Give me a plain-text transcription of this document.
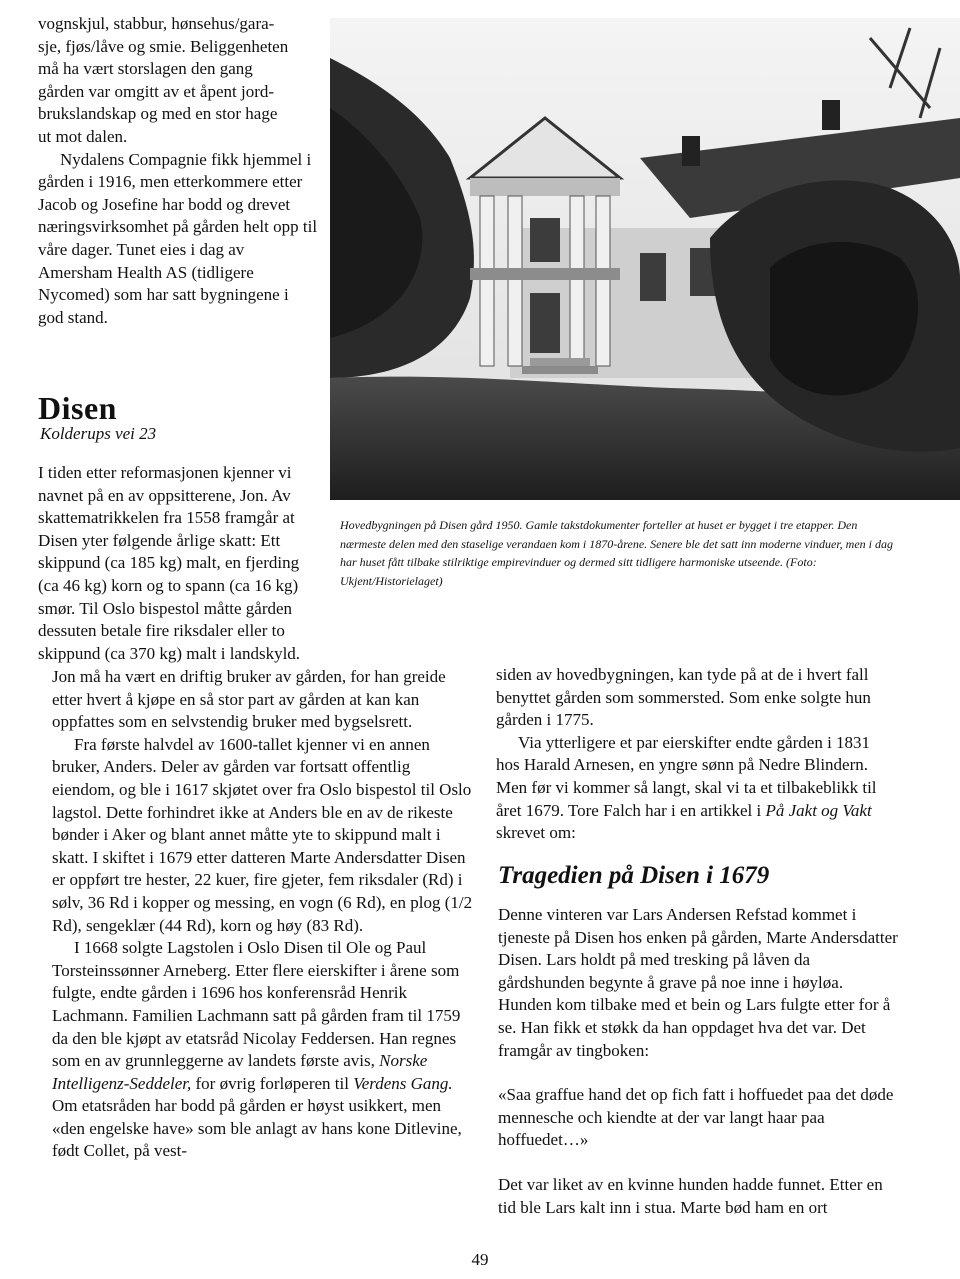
vognskjul, stabbur, hønsehus/gara-

sje, fjøs/låve og smie. Beliggenheten

må ha vært storslagen den gang

gården var omgitt av et åpent jord-

brukslandskap og med en stor hage

ut mot dalen.

Nydalens Compagnie fikk hjemmel i gården i 1916, men etterkommere etter Jacob og Josefine har bodd og drevet næringsvirksomhet på gården helt opp til våre dager. Tunet eies i dag av Amersham Health AS (tidligere Nycomed) som har satt bygningene i god stand.

Disen

Kolderups vei 23

Hovedbygningen på Disen gård 1950. Gamle takstdokumenter forteller at huset er bygget i tre etapper. Den nærmeste delen med den staselige verandaen kom i 1870-årene. Senere ble det satt inn moderne vinduer, men i dag har huset fått tilbake stilriktige empirevinduer og dermed sitt tidligere harmoniske utseende. (Foto: Ukjent/Historielaget)

I tiden etter reformasjonen kjenner vi navnet på en av oppsitterene, Jon. Av skattematrikkelen fra 1558 framgår at Disen yter følgende årlige skatt: Ett skippund (ca 185 kg) malt, en fjerding (ca 46 kg) korn og to spann (ca 16 kg) smør. Til Oslo bispestol måtte gården dessuten betale fire riksdaler eller to skippund (ca 370 kg) malt i landskyld.

Jon må ha vært en driftig bruker av gården, for han greide etter hvert å kjøpe en så stor part av gården at kan kan oppfattes som en selvstendig bruker med bygselsrett.

Fra første halvdel av 1600-tallet kjenner vi en annen bruker, Anders. Deler av gården var fortsatt offentlig eiendom, og ble i 1617 skjøtet over fra Oslo bispestol til Oslo lagstol. Dette forhindret ikke at Anders ble en av de rikeste bønder i Aker og blant annet måtte yte to skippund malt i skatt. I skiftet i 1679 etter datteren Marte Andersdatter Disen er oppført tre hester, 22 kuer, fire gjeter, fem riksdaler (Rd) i sølv, 36 Rd i kopper og messing, en vogn (6 Rd), en plog (1/2 Rd), sengeklær (44 Rd), korn og høy (83 Rd).

I 1668 solgte Lagstolen i Oslo Disen til Ole og Paul Torsteinssønner Arneberg. Etter flere eierskifter i årene som fulgte, endte gården i 1696 hos konferensråd Henrik Lachmann. Familien Lachmann satt på gården fram til 1759 da den ble kjøpt av etatsråd Nicolay Feddersen. Han regnes som en av grunnleggerne av landets første avis, Norske Intelligenz-Seddeler, for øvrig forløperen til Verdens Gang. Om etatsråden har bodd på gården er høyst usikkert, men «den engelske have» som ble anlagt av hans kone Ditlevine, født Collet, på vest-

siden av hovedbygningen, kan tyde på at de i hvert fall benyttet gården som sommersted. Som enke solgte hun gården i 1775.

Via ytterligere et par eierskifter endte gården i 1831 hos Harald Arnesen, en yngre sønn på Nedre Blindern. Men før vi kommer så langt, skal vi ta et tilbakeblikk til året 1679. Tore Falch har i en artikkel i På Jakt og Vakt skrevet om:

Tragedien på Disen i 1679

Denne vinteren var Lars Andersen Refstad kommet i tjeneste på Disen hos enken på gården, Marte Andersdatter Disen. Lars holdt på med tresking på låven da gårdshunden begynte å grave på noe inne i høyløa. Hunden kom tilbake med et bein og Lars fulgte etter for å se. Han fikk et støkk da han oppdaget hva det var. Det framgår av tingboken:

«Saa graffue hand det op fich fatt i hoffuedet paa det døde mennesche och kiendte at der var langt haar paa hoffuedet…»

Det var liket av en kvinne hunden hadde funnet. Etter en tid ble Lars kalt inn i stua. Marte bød ham en ort

49
